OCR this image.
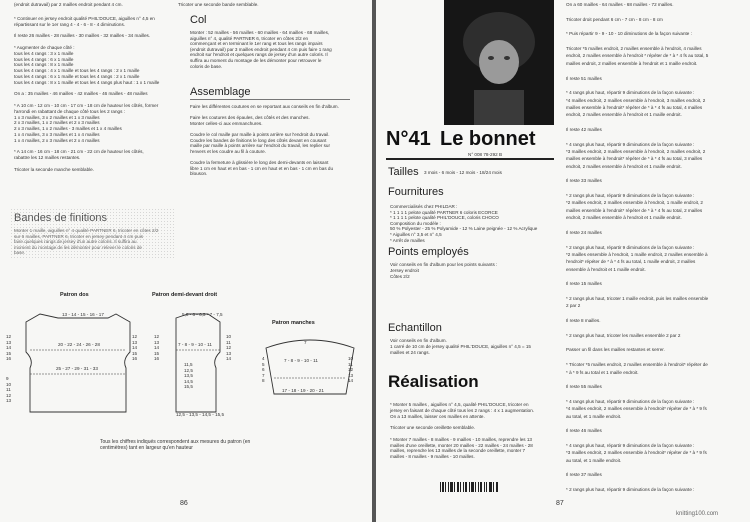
(endroit dutravail) par 2 mailles endroit pendant 4 cm.	Tricoter une seconde bande semblable.
* Continuer en jersey endroit qualité PHIL'DOUCE, aiguilles n° 4,5 en
répartissant sur le 1er rang 4 - 4 - 6 - 8 - 4 diminutions.
Il reste 26 mailles - 28 mailles - 30 mailles - 32 mailles - 34 mailles.
* Augmenter de chaque côté :
tous les 4 rangs : 3 x 1 maille
tous les 4 rangs : 6 x 1 maille
tous les 4 rangs : 8 x 1 maille
tous les 4 rangs : 4 x 1 maille et tous les 4 rangs : 2 x 1 maille
tous les 4 rangs : 6 x 1 maille et tous les 4 rangs : 2 x 1 maille
tous les 4 rangs : 8 x 1 maille et tous les 4 rangs plus haut : 1 x 1 maille
On a : 35 mailles - 46 mailles - 42 mailles - 46 mailles - 48 mailles
* A 10 cm - 12 cm - 10 cm - 17 cm - 18 cm de hauteur les côtés, former
l'arrondi en rabattant de chaque côté tous les 2 rangs :
1 x 3 mailles, 3 x 2 mailles et 1 x 3 mailles
2 x 3 mailles, 1 x 2 mailles et 2 x 3 mailles
2 x 3 mailles, 1 x 2 mailles - 3 mailles et 1 x 4 mailles
1 x 4 mailles, 3 x 3 mailles et 1 x 4 mailles
1 x 4 mailles, 2 x 3 mailles et 2 x 4 mailles
* A 14 cm - 16 cm - 18 cm - 21 cm - 22 cm de hauteur les côtés,
rabattre les 12 mailles restantes.
Tricoter la seconde manche semblable.
Bandes de finitions
Monter 1 maille, aiguilles n° 4 qualité PARTNER 6, tricoter en côtes 2/2
sur 6 mailles, PARTNER 6, tricoter en jersey pendant 4 cm puis
faire quelques rangs de jersey d'un autre coloris. Il suffira au
moment du montage de les démonter pour relever le coloris de
base.
Col
Monter : 52 mailles - 56 mailles - 60 mailles - 64 mailles - 68 mailles,
aiguilles n° 4, qualité PARTNER 6, tricoter en côtes 2/2 en
commençant et en terminant le 1er rang et tous les rangs impairs
(endroit dutravail) par 3 mailles endroit pendant 4 cm puis faire 1 rang
endroit sur l'endroit et quelques rangs de jersey d'un autre coloris. Il
suffira au moment du montage de les démonter pour retrouver le
coloris de base.
Assemblage
Faire les différentes coutures en se reportant aux conseils en fin d'album.
Faire les coutures des épaules, des côtés et des manches.
Monter celles-ci aux emmanchures.
Coudre le col maille par maille à points arrière sur l'endroit du travail.
Coudre les bandes de finitions le long des côtés devant en cousant
maille par maille à points arrière sur l'endroit du travail, les replier sur
l'envers et les coudre au fil à couture.
Coudre la fermeture à glissière le long des demi-devants en laissant
libre 1 cm en haut et en bas - 1 cm en haut et en bas - 1 cm en bas du
blouson.
Patron dos
13 - 14 - 15 - 16 - 17
20 - 22 - 24 - 26 - 28
25 - 27 - 29 - 31 - 33
12
13
14
15
16
9
10
11
12
13
12
13
14
15
16
Patron demi-devant droit
5,5 - 6 - 6,5 - 7 - 7,5
7 - 8 - 9 - 10 - 11
12,5 - 13,5 - 14,5 - 15,5
12
13
14
15
16
10
11
12
13
14
11,5
12,5
13,5
14,5
15,5
Patron manches
7
7 - 8 - 9 - 10 - 11
17 - 18 - 19 - 20 - 21
4
5
6
7
8
10
11
12
13
14
Tous les chiffres indiqués correspondent aux mesures du patron (en
centimètres) tant en largeur qu'en hauteur
86
N°41 Le bonnet
N° 008 78-292 B
Tailles 3 mois - 6 mois - 12 mois - 18/24 mois
Fournitures
Commercialisés chez PHILDAR :
* 1 1 1 1 pelote qualité PARTNER 6 coloris ECORCE
* 1 1 1 1 pelote qualité PHIL'DOUCE, coloris CHOCO
Composition du modèle :
50 % Polyester - 25 % Polyamide - 12 % Laine peignée - 12 % Acrylique
* Aiguilles n° 3,5 et n° 4,5
* Arrêt de mailles
Points employés
Voir conseils en fin d'album pour les points suivants :
Jersey endroit
Côtes 2/2
Echantillon
Voir conseils en fin d'album.
1 carré de 10 cm de jersey qualité PHIL'DOUCE, aiguilles n° 4,5 = 15
mailles et 24 rangs.
Réalisation
* Monter 5 mailles , aiguilles n° 4,5, qualité PHIL'DOUCE, tricoter en
jersey en faisant de chaque côté tous les 2 rangs : 4 x 1 augmentation.
On a 13 mailles, laisser ces mailles en attente.
Tricoter une seconde oreillette semblable.
* Monter 7 mailles - 8 mailles - 9 mailles - 10 mailles, reprendre les 13
mailles d'une oreillette, monter 20 mailles - 22 mailles - 24 mailles - 28
mailles, reprendre les 13 mailles de la seconde oreillette, monter 7
mailles - 8 mailles - 9 mailles - 10 mailles.
87
On a 60 mailles - 64 mailles - 68 mailles - 72 mailles.
Tricoter droit pendant 6 cm - 7 cm - 8 cm - 8 cm
* Puis répartir 9 - 9 - 10 - 10 diminutions de la façon suivante :
Tricoter *5 mailles endroit, 2 mailles ensemble à l'endroit, 4 mailles
endroit, 2 mailles ensemble à l'endroit * répéter de * à * 4 fs au total, 5
mailles endroit, 2 mailles ensemble à l'endroit et 1 maille endroit.
Il reste 51 mailles
* 4 rangs plus haut, répartir 9 diminutions de la façon suivante :
*4 mailles endroit, 2 mailles ensemble à l'endroit, 3 mailles endroit, 2
mailles ensemble à l'endroit* répéter de * à * 4 fs au total, 4 mailles
endroit, 2 mailles ensemble à l'endroit et 1 maille endroit.
Il reste 42 mailles
* 4 rangs plus haut, répartir 9 diminutions de la façon suivante :
*3 mailles endroit, 2 mailles ensemble à l'endroit, 2 mailles endroit, 2
mailles ensemble à l'endroit* répéter de * à * 4 fs au total, 3 mailles
endroit, 2 mailles ensemble à l'endroit et 1 maille endroit.
Il reste 33 mailles
* 2 rangs plus haut, répartir 9 diminutions de la façon suivante :
*2 mailles endroit, 2 mailles ensemble à l'endroit, 1 maille endroit, 2
mailles ensemble à l'endroit* répéter de * à * 4 fs au total, 2 mailles
endroit, 2 mailles ensemble à l'endroit et 1 maille endroit.
Il reste 24 mailles
* 2 rangs plus haut, répartir 9 diminutions de la façon suivante :
*2 mailles ensemble à l'endroit, 1 maille endroit, 2 mailles ensemble à
l'endroit* répéter de * à * 4 fs au total, 1 maille endroit, 2 mailles
ensemble à l'endroit et 1 maille endroit.
Il reste 15 mailles
* 2 rangs plus haut, tricoter 1 maille endroit, puis les mailles ensemble
2 par 2
Il reste 8 mailles.
* 2 rangs plus haut, tricoter les mailles ensemble 2 par 2
Passer un fil dans les mailles restantes et serrer.
* Tricoter *5 mailles endroit, 2 mailles ensemble à l'endroit* répéter de
* à * 9 fs au total et 1 maille endroit.
Il reste 55 mailles
* 4 rangs plus haut, répartir 9 diminutions de la façon suivante :
*4 mailles endroit, 2 mailles ensemble à l'endroit* répéter de * à * 9 fs
au total, et 1 maille endroit.
Il reste 46 mailles
* 4 rangs plus haut, répartir 9 diminutions de la façon suivante :
*3 mailles endroit, 2 mailles ensemble à l'endroit* répéter de * à * 9 fs
au total, et 1 maille endroit.
Il reste 37 mailles
* 2 rangs plus haut, répartir 9 diminutions de la façon suivante :
knitting100.com
